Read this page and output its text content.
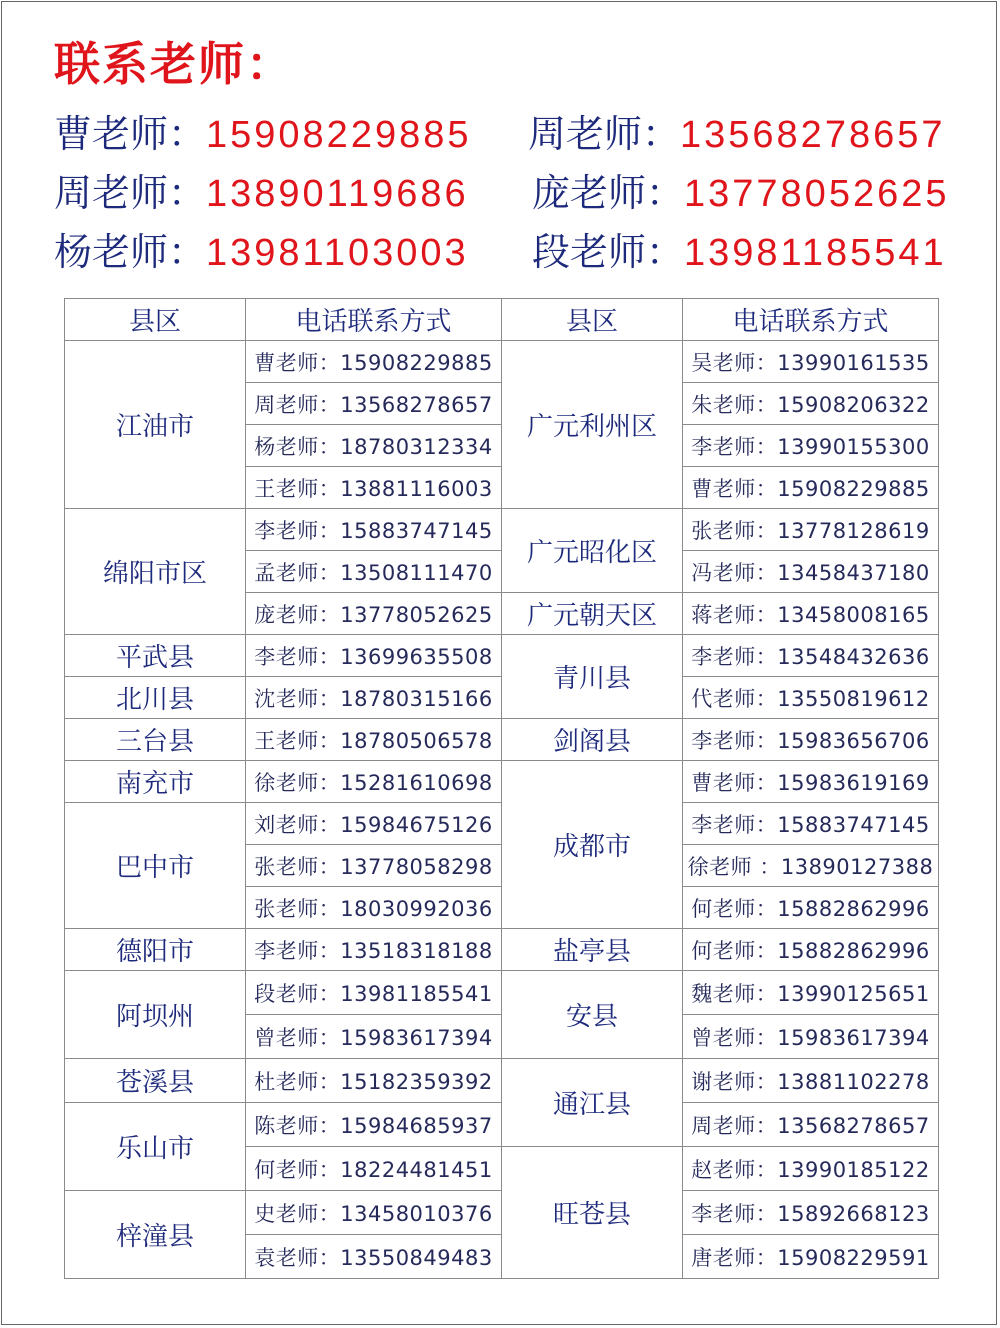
联系老师：
曹老师：15908229885 周老师：13568278657
周老师：13890119686 庞老师：13778052625
杨老师：13981103003 段老师：13981185541
县区	电话联系方式	县区	电话联系方式
江油市	曹老师：15908229885	广元利州区	吴老师：13990161535
	周老师：13568278657		朱老师：15908206322
	杨老师：18780312334		李老师：13990155300
	王老师：13881116003		曹老师：15908229885
绵阳市区	李老师：15883747145	广元昭化区	张老师：13778128619
	孟老师：13508111470		冯老师：13458437180
	庞老师：13778052625	广元朝天区	蒋老师：13458008165
平武县	李老师：13699635508	青川县	李老师：13548432636
北川县	沈老师：18780315166		代老师：13550819612
三台县	王老师：18780506578	剑阁县	李老师：15983656706
南充市	徐老师：15281610698	成都市	曹老师：15983619169
巴中市	刘老师：15984675126		李老师：15883747145
	张老师：13778058298		徐老师 ：13890127388
	张老师：18030992036		何老师：15882862996
德阳市	李老师：13518318188	盐亭县	何老师：15882862996
阿坝州	段老师：13981185541	安县	魏老师：13990125651
	曾老师：15983617394		曾老师：15983617394
苍溪县	杜老师：15182359392	通江县	谢老师：13881102278
乐山市	陈老师：15984685937		周老师：13568278657
	何老师：18224481451	旺苍县	赵老师：13990185122
梓潼县	史老师：13458010376		李老师：15892668123
	袁老师：13550849483		唐老师：15908229591
